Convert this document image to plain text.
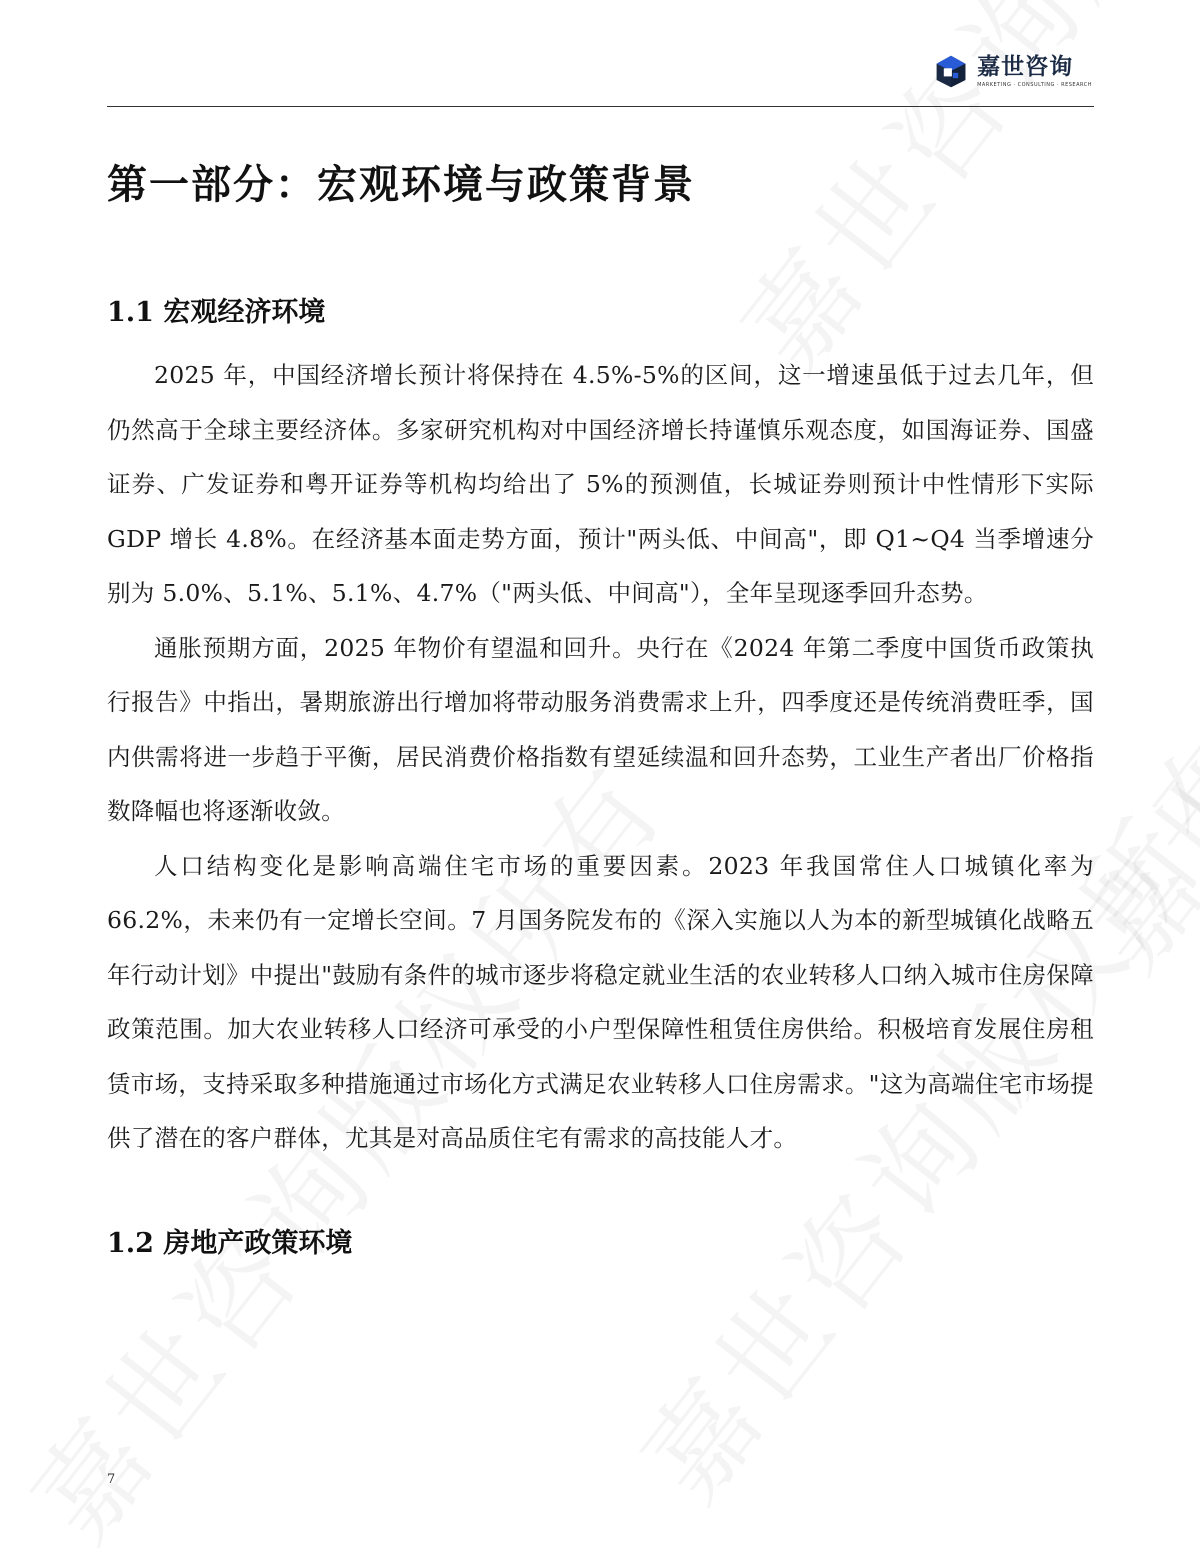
嘉世咨询
MARKETING · CONSULTING · RESEARCH
第一部分：宏观环境与政策背景
1.1 宏观经济环境

2025 年，中国经济增长预计将保持在 4.5%-5%的区间，这一增速虽低于过去几年，但仍然高于全球主要经济体。多家研究机构对中国经济增长持谨慎乐观态度，如国海证券、国盛证券、广发证券和粤开证券等机构均给出了 5%的预测值，长城证券则预计中性情形下实际 GDP 增长 4.8%。在经济基本面走势方面，预计"两头低、中间高"，即 Q1~Q4 当季增速分别为 5.0%、5.1%、5.1%、4.7%（"两头低、中间高"），全年呈现逐季回升态势。

通胀预期方面，2025 年物价有望温和回升。央行在《2024 年第二季度中国货币政策执行报告》中指出，暑期旅游出行增加将带动服务消费需求上升，四季度还是传统消费旺季，国内供需将进一步趋于平衡，居民消费价格指数有望延续温和回升态势，工业生产者出厂价格指数降幅也将逐渐收敛。

人口结构变化是影响高端住宅市场的重要因素。2023 年我国常住人口城镇化率为 66.2%，未来仍有一定增长空间。7 月国务院发布的《深入实施以人为本的新型城镇化战略五年行动计划》中提出"鼓励有条件的城市逐步将稳定就业生活的农业转移人口纳入城市住房保障政策范围。加大农业转移人口经济可承受的小户型保障性租赁住房供给。积极培育发展住房租赁市场，支持采取多种措施通过市场化方式满足农业转移人口住房需求。"这为高端住宅市场提供了潜在的客户群体，尤其是对高品质住宅有需求的高技能人才。

1.2 房地产政策环境
7
